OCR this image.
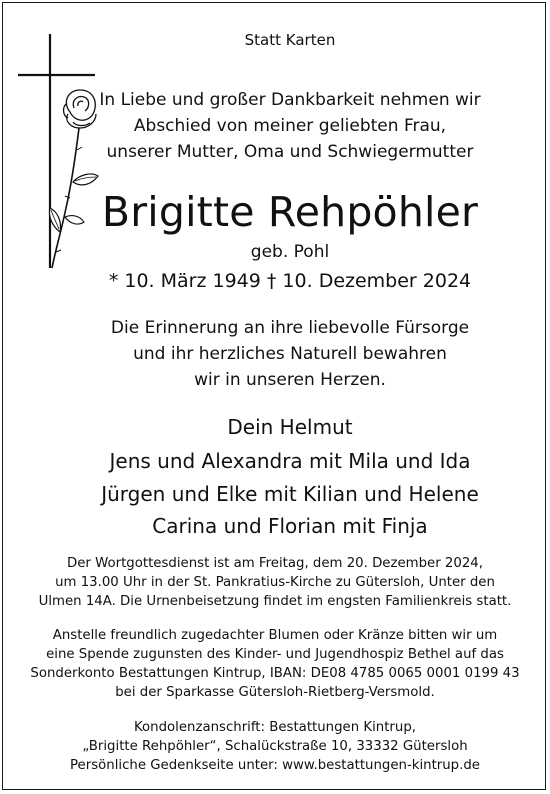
Statt Karten
In Liebe und großer Dankbarkeit nehmen wir
Abschied von meiner geliebten Frau,
unserer Mutter, Oma und Schwiegermutter
Brigitte Rehpöhler
geb. Pohl
* 10. März 1949 † 10. Dezember 2024
Die Erinnerung an ihre liebevolle Fürsorge
und ihr herzliches Naturell bewahren
wir in unseren Herzen.
Dein Helmut
Jens und Alexandra mit Mila und Ida
Jürgen und Elke mit Kilian und Helene
Carina und Florian mit Finja
Der Wortgottesdienst ist am Freitag, dem 20. Dezember 2024,
um 13.00 Uhr in der St. Pankratius-Kirche zu Gütersloh, Unter den
Ulmen 14A. Die Urnenbeisetzung findet im engsten Familienkreis statt.
Anstelle freundlich zugedachter Blumen oder Kränze bitten wir um
eine Spende zugunsten des Kinder- und Jugendhospiz Bethel auf das
Sonderkonto Bestattungen Kintrup, IBAN: DE08 4785 0065 0001 0199 43
bei der Sparkasse Gütersloh-Rietberg-Versmold.
Kondolenzanschrift: Bestattungen Kintrup,
„Brigitte Rehpöhler“, Schalückstraße 10, 33332 Gütersloh
Persönliche Gedenkseite unter: www.bestattungen-kintrup.de
